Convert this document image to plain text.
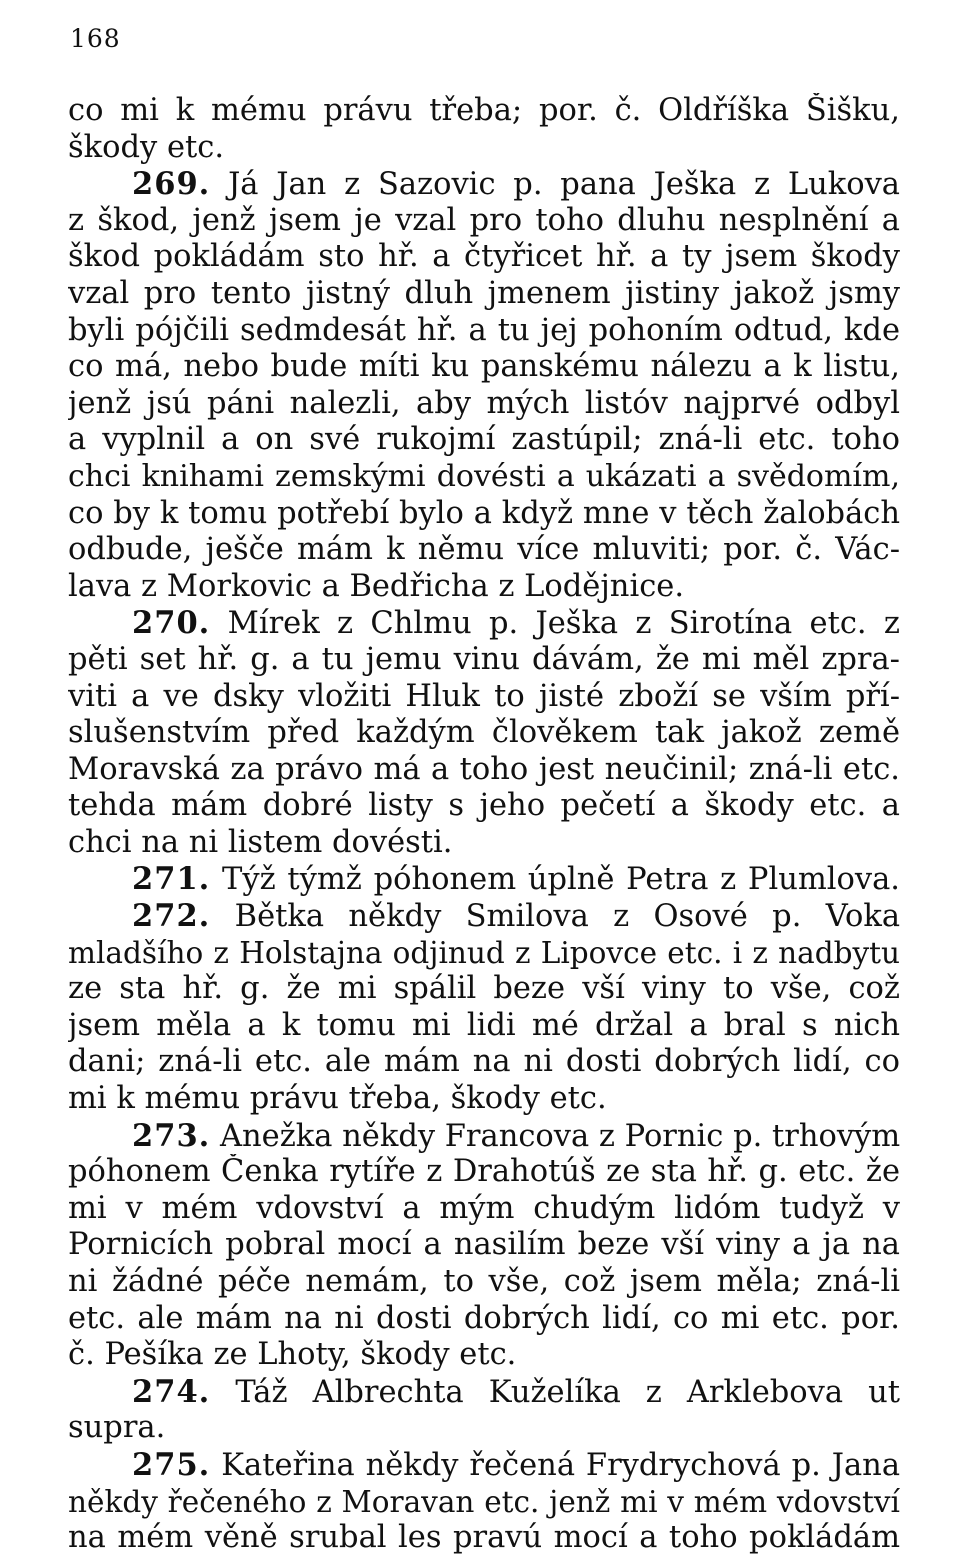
168
co mi k mému právu třeba; por. č. Oldříška Šišku,
škody etc.
269. Já Jan z Sazovic p. pana Ješka z Lukova
z škod, jenž jsem je vzal pro toho dluhu nesplnění a
škod pokládám sto hř. a čtyřicet hř. a ty jsem škody
vzal pro tento jistný dluh jmenem jistiny jakož jsmy
byli pójčili sedmdesát hř. a tu jej pohoním odtud, kde
co má, nebo bude míti ku panskému nálezu a k listu,
jenž jsú páni nalezli, aby mých listóv najprvé odbyl
a vyplnil a on své rukojmí zastúpil; zná-li etc. toho
chci knihami zemskými dovésti a ukázati a svědomím,
co by k tomu potřebí bylo a když mne v těch žalobách
odbude, ješče mám k němu více mluviti; por. č. Vác-
lava z Morkovic a Bedřicha z Lodějnice.
270. Mírek z Chlmu p. Ješka z Sirotína etc. z
pěti set hř. g. a tu jemu vinu dávám, že mi měl zpra-
viti a ve dsky vložiti Hluk to jisté zboží se vším pří-
slušenstvím před každým člověkem tak jakož země
Moravská za právo má a toho jest neučinil; zná-li etc.
tehda mám dobré listy s jeho pečetí a škody etc. a
chci na ni listem dovésti.
271. Týž týmž póhonem úplně Petra z Plumlova.
272. Bětka někdy Smilova z Osové p. Voka
mladšího z Holstajna odjinud z Lipovce etc. i z nadbytu
ze sta hř. g. že mi spálil beze vší viny to vše, což
jsem měla a k tomu mi lidi mé držal a bral s nich
dani; zná-li etc. ale mám na ni dosti dobrých lidí, co
mi k mému právu třeba, škody etc.
273. Anežka někdy Francova z Pornic p. trhovým
póhonem Čenka rytíře z Drahotúš ze sta hř. g. etc. že
mi v mém vdovství a mým chudým lidóm tudyž v
Pornicích pobral mocí a nasilím beze vší viny a ja na
ni žádné péče nemám, to vše, což jsem měla; zná-li
etc. ale mám na ni dosti dobrých lidí, co mi etc. por.
č. Pešíka ze Lhoty, škody etc.
274. Táž Albrechta Kuželíka z Arklebova ut
supra.
275. Kateřina někdy řečená Frydrychová p. Jana
někdy řečeného z Moravan etc. jenž mi v mém vdovství
na mém věně srubal les pravú mocí a toho pokládám
